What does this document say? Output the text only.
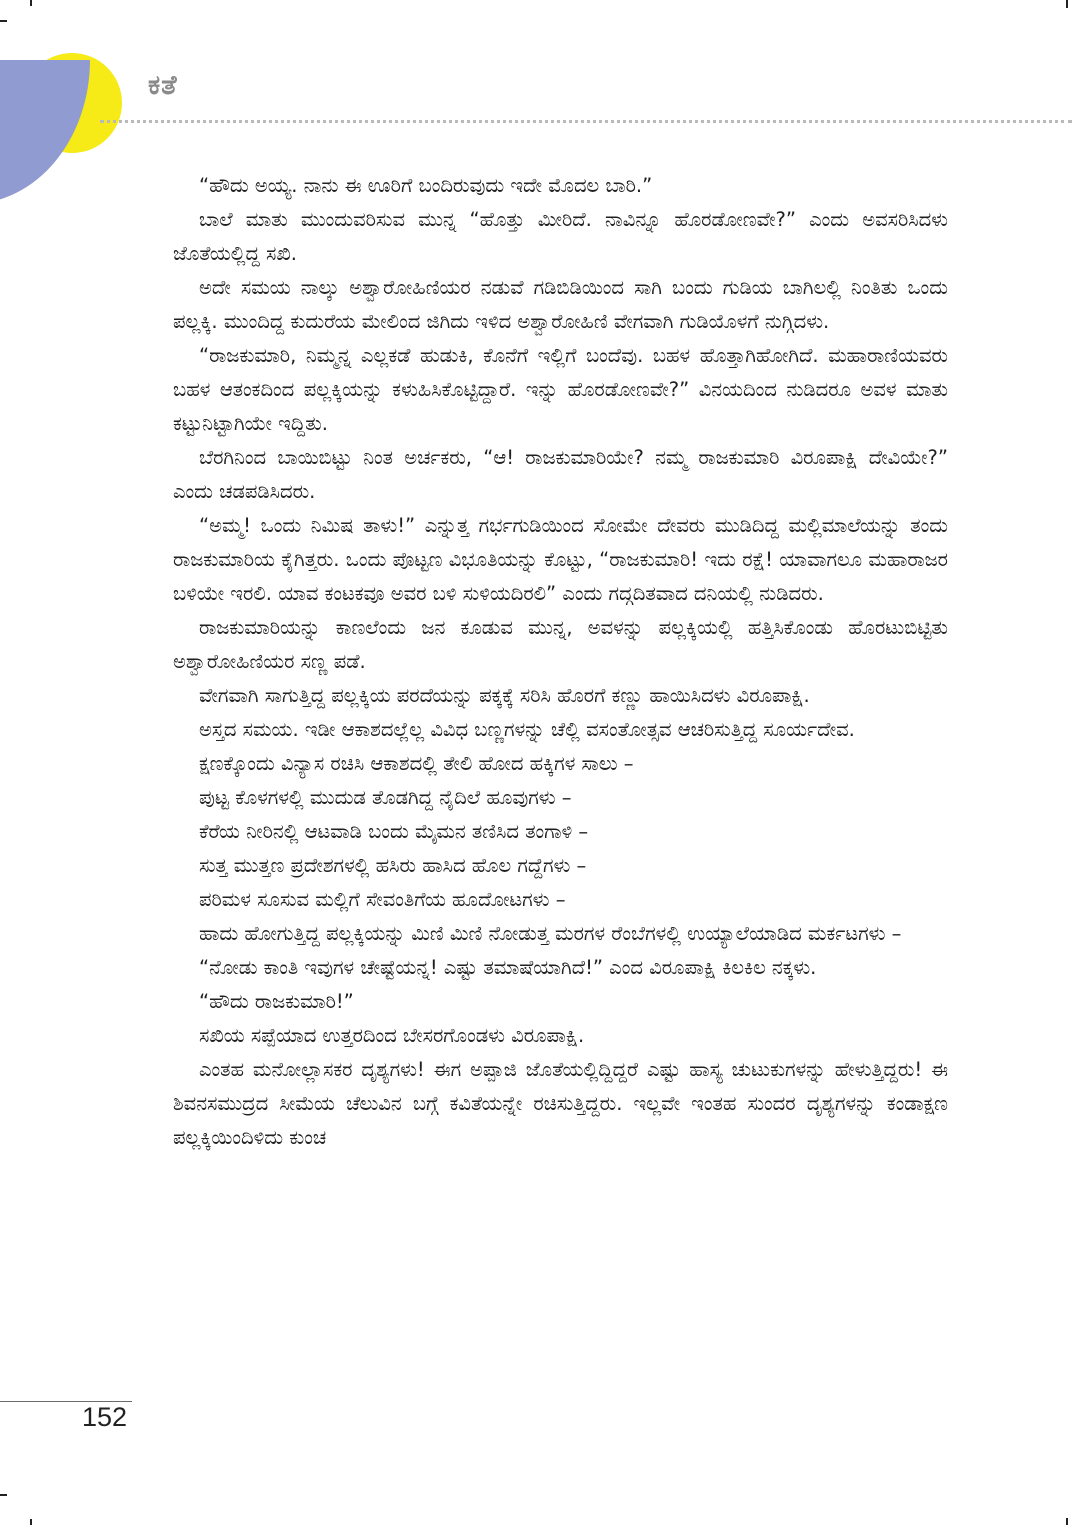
ಕತೆ

“ಹೌದು ಅಯ್ಯ. ನಾನು ಈ ಊರಿಗೆ ಬಂದಿರುವುದು ಇದೇ ಮೊದಲ ಬಾರಿ.”

ಬಾಲೆ ಮಾತು ಮುಂದುವರಿಸುವ ಮುನ್ನ “ಹೊತ್ತು ಮೀರಿದೆ. ನಾವಿನ್ನೂ ಹೊರಡೋಣವೇ?” ಎಂದು ಅವಸರಿಸಿದಳು ಜೊತೆಯಲ್ಲಿದ್ದ ಸಖಿ.

ಅದೇ ಸಮಯ ನಾಲ್ಕು ಅಶ್ವಾರೋಹಿಣಿಯರ ನಡುವೆ ಗಡಿಬಿಡಿಯಿಂದ ಸಾಗಿ ಬಂದು ಗುಡಿಯ ಬಾಗಿಲಲ್ಲಿ ನಿಂತಿತು ಒಂದು ಪಲ್ಲಕ್ಕಿ. ಮುಂದಿದ್ದ ಕುದುರೆಯ ಮೇಲಿಂದ ಜಿಗಿದು ಇಳಿದ ಅಶ್ವಾರೋಹಿಣಿ ವೇಗವಾಗಿ ಗುಡಿಯೊಳಗೆ ನುಗ್ಗಿದಳು.

“ರಾಜಕುಮಾರಿ, ನಿಮ್ಮನ್ನ ಎಲ್ಲಕಡೆ ಹುಡುಕಿ, ಕೊನೆಗೆ ಇಲ್ಲಿಗೆ ಬಂದೆವು. ಬಹಳ ಹೊತ್ತಾಗಿಹೋಗಿದೆ. ಮಹಾರಾಣಿಯವರು ಬಹಳ ಆತಂಕದಿಂದ ಪಲ್ಲಕ್ಕಿಯನ್ನು ಕಳುಹಿಸಿಕೊಟ್ಟಿದ್ದಾರೆ. ಇನ್ನು ಹೊರಡೋಣವೇ?” ವಿನಯದಿಂದ ನುಡಿದರೂ ಅವಳ ಮಾತು ಕಟ್ಟುನಿಟ್ಟಾಗಿಯೇ ಇದ್ದಿತು.

ಬೆರಗಿನಿಂದ ಬಾಯಿಬಿಟ್ಟು ನಿಂತ ಅರ್ಚಕರು, “ಆ! ರಾಜಕುಮಾರಿಯೇ? ನಮ್ಮ ರಾಜಕುಮಾರಿ ವಿರೂಪಾಕ್ಷಿ ದೇವಿಯೇ?” ಎಂದು ಚಡಪಡಿಸಿದರು.

“ಅಮ್ಮ! ಒಂದು ನಿಮಿಷ ತಾಳು!” ಎನ್ನುತ್ತ ಗರ್ಭಗುಡಿಯಿಂದ ಸೋಮೇ ದೇವರು ಮುಡಿದಿದ್ದ ಮಲ್ಲಿಮಾಲೆಯನ್ನು ತಂದು ರಾಜಕುಮಾರಿಯ ಕೈಗಿತ್ತರು. ಒಂದು ಪೊಟ್ಟಣ ವಿಭೂತಿಯನ್ನು ಕೊಟ್ಟು, “ರಾಜಕುಮಾರಿ! ಇದು ರಕ್ಷೆ! ಯಾವಾಗಲೂ ಮಹಾರಾಜರ ಬಳಿಯೇ ಇರಲಿ. ಯಾವ ಕಂಟಕವೂ ಅವರ ಬಳಿ ಸುಳಿಯದಿರಲಿ” ಎಂದು ಗದ್ಗದಿತವಾದ ದನಿಯಲ್ಲಿ ನುಡಿದರು.

ರಾಜಕುಮಾರಿಯನ್ನು ಕಾಣಲೆಂದು ಜನ ಕೂಡುವ ಮುನ್ನ, ಅವಳನ್ನು ಪಲ್ಲಕ್ಕಿಯಲ್ಲಿ ಹತ್ತಿಸಿಕೊಂಡು ಹೊರಟುಬಿಟ್ಟಿತು ಅಶ್ವಾರೋಹಿಣಿಯರ ಸಣ್ಣ ಪಡೆ.

ವೇಗವಾಗಿ ಸಾಗುತ್ತಿದ್ದ ಪಲ್ಲಕ್ಕಿಯ ಪರದೆಯನ್ನು ಪಕ್ಕಕ್ಕೆ ಸರಿಸಿ ಹೊರಗೆ ಕಣ್ಣು ಹಾಯಿಸಿದಳು ವಿರೂಪಾಕ್ಷಿ.

ಅಸ್ತದ ಸಮಯ. ಇಡೀ ಆಕಾಶದಲ್ಲೆಲ್ಲ ವಿವಿಧ ಬಣ್ಣಗಳನ್ನು ಚೆಲ್ಲಿ ವಸಂತೋತ್ಸವ ಆಚರಿಸುತ್ತಿದ್ದ ಸೂರ್ಯದೇವ.

ಕ್ಷಣಕ್ಕೊಂದು ವಿನ್ಯಾಸ ರಚಿಸಿ ಆಕಾಶದಲ್ಲಿ ತೇಲಿ ಹೋದ ಹಕ್ಕಿಗಳ ಸಾಲು –

ಪುಟ್ಟ ಕೊಳಗಳಲ್ಲಿ ಮುದುಡ ತೊಡಗಿದ್ದ ನೈದಿಲೆ ಹೂವುಗಳು –

ಕೆರೆಯ ನೀರಿನಲ್ಲಿ ಆಟವಾಡಿ ಬಂದು ಮೈಮನ ತಣಿಸಿದ ತಂಗಾಳಿ –

ಸುತ್ತ ಮುತ್ತಣ ಪ್ರದೇಶಗಳಲ್ಲಿ ಹಸಿರು ಹಾಸಿದ ಹೊಲ ಗದ್ದೆಗಳು –

ಪರಿಮಳ ಸೂಸುವ ಮಲ್ಲಿಗೆ ಸೇವಂತಿಗೆಯ ಹೂದೋಟಗಳು –

ಹಾದು ಹೋಗುತ್ತಿದ್ದ ಪಲ್ಲಕ್ಕಿಯನ್ನು ಮಿಣಿ ಮಿಣಿ ನೋಡುತ್ತ ಮರಗಳ ರೆಂಬೆಗಳಲ್ಲಿ ಉಯ್ಯಾಲೆಯಾಡಿದ ಮರ್ಕಟಗಳು –

“ನೋಡು ಕಾಂತಿ ಇವುಗಳ ಚೇಷ್ಟೆಯನ್ನ! ಎಷ್ಟು ತಮಾಷೆಯಾಗಿದೆ!” ಎಂದ ವಿರೂಪಾಕ್ಷಿ ಕಿಲಕಿಲ ನಕ್ಕಳು.

“ಹೌದು ರಾಜಕುಮಾರಿ!”

ಸಖಿಯ ಸಪ್ಪೆಯಾದ ಉತ್ತರದಿಂದ ಬೇಸರಗೊಂಡಳು ವಿರೂಪಾಕ್ಷಿ.

ಎಂತಹ ಮನೋಲ್ಲಾಸಕರ ದೃಶ್ಯಗಳು! ಈಗ ಅಪ್ಪಾಜಿ ಜೊತೆಯಲ್ಲಿದ್ದಿದ್ದರೆ ಎಷ್ಟು ಹಾಸ್ಯ ಚುಟುಕುಗಳನ್ನು ಹೇಳುತ್ತಿದ್ದರು! ಈ ಶಿವನಸಮುದ್ರದ ಸೀಮೆಯ ಚೆಲುವಿನ ಬಗ್ಗೆ ಕವಿತೆಯನ್ನೇ ರಚಿಸುತ್ತಿದ್ದರು. ಇಲ್ಲವೇ ಇಂತಹ ಸುಂದರ ದೃಶ್ಯಗಳನ್ನು ಕಂಡಾಕ್ಷಣ ಪಲ್ಲಕ್ಕಿಯಿಂದಿಳಿದು ಕುಂಚ

152
